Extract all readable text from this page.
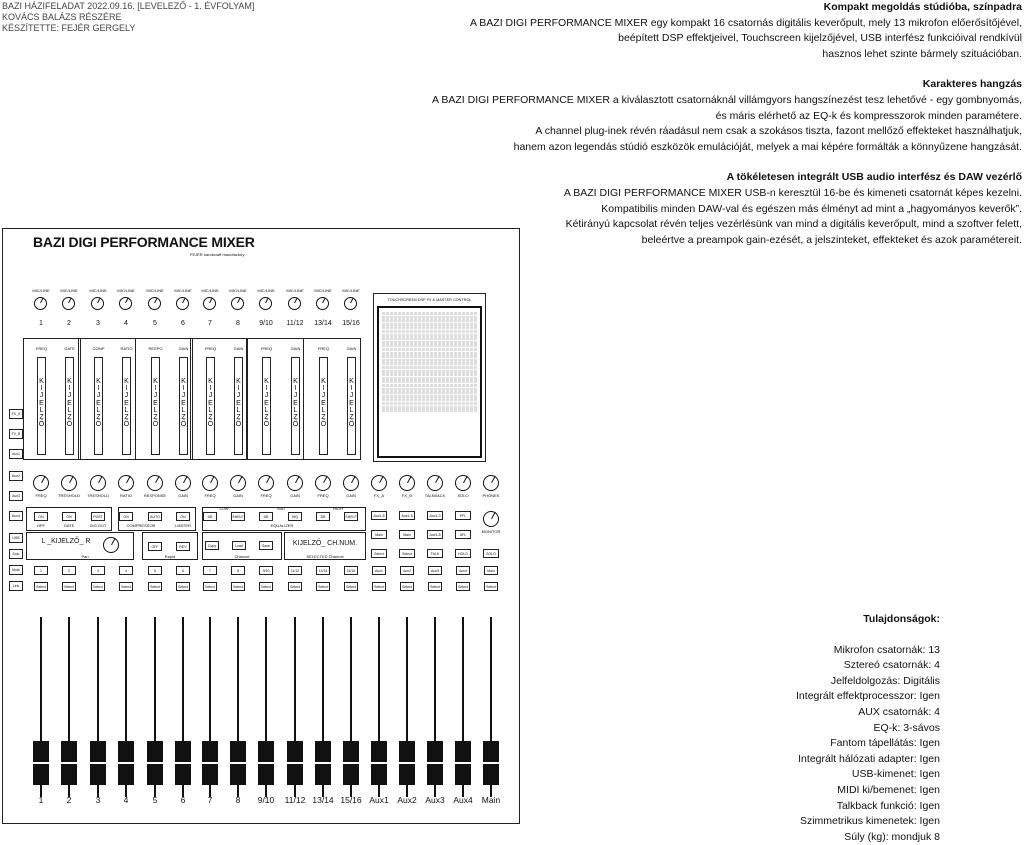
BAZI HÁZIFELADAT 2022.09.16. [LEVELEZŐ - 1. ÉVFOLYAM]
KOVÁCS BALÁZS RÉSZÉRE
KÉSZÍTETTE: FEJÉR GERGELY
Kompakt megoldás stúdióba, színpadra

A BAZI DIGI PERFORMANCE MIXER egy kompakt 16 csatornás digitális keverőpult, mely 13 mikrofon előerősítőjével,
beépített DSP effektjeivel, Touchscreen kijelzőjével, USB interfész funkcióival rendkívül
hasznos lehet szinte bármely szituációban.

Karakteres hangzás

A BAZI DIGI PERFORMANCE MIXER a kiválasztott csatornáknál villámgyors hangszínezést tesz lehetővé - egy gombnyomás,
és máris elérhető az EQ-k és kompresszorok minden paramétere.
A channel plug-inek révén ráadásul nem csak a szokásos tiszta, fazont mellőző effekteket használhatjuk,
hanem azon legendás stúdió eszközök emulációját, melyek a mai képére formálták a könnyűzene hangzását.

A tökéletesen integrált USB audio interfész és DAW vezérlő

A BAZI DIGI PERFORMANCE MIXER USB-n keresztül 16-be és kimeneti csatornát képes kezelni.
Kompatibilis minden DAW-val és egészen más élményt ad mint a „hagyományos keverők”.
Kétirányú kapcsolat révén teljes vezérlésünk van mind a digitális keverőpult, mind a szoftver felett,
beleértve a preampok gain-ezését, a jelszinteket, effekteket és azok paramétereit.

Tulajdonságok:
Mikrofon csatornák: 13
Sztereó csatornák: 4
Jelfeldolgozás: Digitális
Integrált effektprocesszor: Igen
AUX csatornák: 4
EQ-k: 3-sávos
Fantom tápellátás: Igen
Integrált hálózati adapter: Igen
USB-kimenet: Igen
MIDI ki/bemenet: Igen
Talkback funkció: Igen
Szimmetrikus kimenetek: Igen
Súly (kg): mondjuk 8
BAZI DIGI PERFORMANCE MIXER
FEJÉR handicraft manufactory
TOUCHSCREEN DSP FX & MASTER CONTROL
MIC/LINE
1
MIC/LINE
2
MIC/LINE
3
MIC/LINE
4
MIC/LINE
5
MIC/LINE
6
MIC/LINE
7
MIC/LINE
8
MIC/LINE
9/10
MIC/LINE
11/12
MIC/LINE
13/14
MIC/LINE
15/16
FREQ
K
I
J
E
L
Z
Ő
FREQ
GATE
K
I
J
E
L
Z
Ő
TRESHOLD
COMP
K
I
J
E
L
Z
Ő
TRESHOLD
RATIO
K
I
J
E
L
Z
Ő
RATIO
RESPO
K
I
J
E
L
Z
Ő
RESPONSE
GAIN
K
I
J
E
L
Z
Ő
GAIN
FREQ
K
I
J
E
L
Z
Ő
FREQ
GAIN
K
I
J
E
L
Z
Ő
GAIN
FREQ
K
I
J
E
L
Z
Ő
FREQ
GAIN
K
I
J
E
L
Z
Ő
GAIN
FREQ
K
I
J
E
L
Z
Ő
FREQ
GAIN
K
I
J
E
L
Z
Ő
GAIN	FX_A	FX_B	TALKBACK	SOLO	PHONES
FX_A
FX_B
Aux1
Aux2
Aux3
Aux4
USB
Solo
Mute
Link
ON	ON	POST	ON	AUTO	ON	DB	SHELF	DB	HIQ	DB	SHELF
HPF	GATE	DIG.OUT	COMPRESSOR	LIMITER	EQUALIZER
LOW	MID	HIGH
Aux1-8
Main
Aux1-8
Main
Aux1-3
Aux1-8
PFL
AFL
MONITOR
L _KIJELZŐ_ R
Pan
OFF	REV
Rapid
Copy	Load	Save
Channel
KIJELZŐ_ CH.NUM.
SELECTED Channel
Select	Select	TALK	HOLD	SOLO
1
Select
2
Select
3
Select
4
Select
5
Select
6
Select
7
Select
8
Select
9/10
Select
11/12
Select
13/14
Select
15/16
Select
Aux1
Select
Aux2
Select
Aux3
Select
Aux4
Select
Main
Select
1	2	3	4	5	6	7	8	9/10	11/12 13/14 15/16 Aux1	Aux2	Aux3	Aux4	Main
